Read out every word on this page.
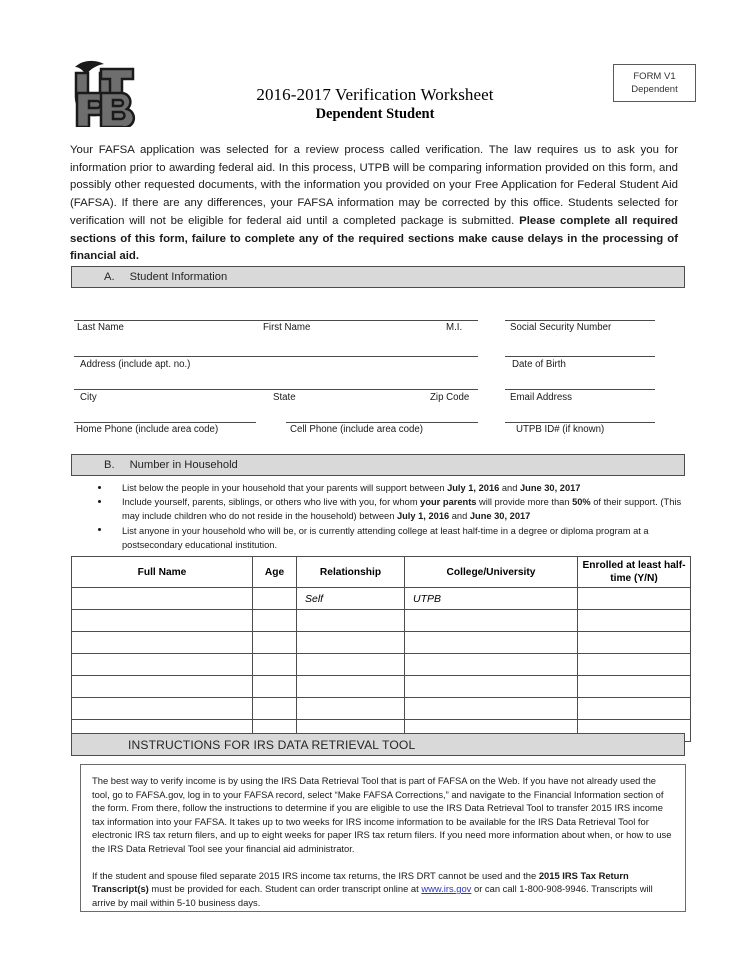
2016-2017 Verification Worksheet
Dependent Student
FORM V1
Dependent
Your FAFSA application was selected for a review process called verification. The law requires us to ask you for information prior to awarding federal aid. In this process, UTPB will be comparing information provided on this form, and possibly other requested documents, with the information you provided on your Free Application for Federal Student Aid (FAFSA). If there are any differences, your FAFSA information may be corrected by this office. Students selected for verification will not be eligible for federal aid until a completed package is submitted. Please complete all required sections of this form, failure to complete any of the required sections make cause delays in the processing of financial aid.
A. Student Information
Last Name	First Name	M.I.	Social Security Number
Address (include apt. no.)	Date of Birth
City	State	Zip Code	Email Address
Home Phone (include area code)	Cell Phone (include area code)	UTPB ID# (if known)
B. Number in Household
List below the people in your household that your parents will support between July 1, 2016 and June 30, 2017
Include yourself, parents, siblings, or others who live with you, for whom your parents will provide more than 50% of their support. (This may include children who do not reside in the household) between July 1, 2016 and June 30, 2017
List anyone in your household who will be, or is currently attending college at least half-time in a degree or diploma program at a postsecondary educational institution.
Full Name	Age	Relationship	College/University	Enrolled at least half-time (Y/N)
		Self	UTPB	

INSTRUCTIONS FOR IRS DATA RETRIEVAL TOOL

The best way to verify income is by using the IRS Data Retrieval Tool that is part of FAFSA on the Web. If you have not already used the tool, go to FAFSA.gov, log in to your FAFSA record, select “Make FAFSA Corrections,” and navigate to the Financial Information section of the form. From there, follow the instructions to determine if you are eligible to use the IRS Data Retrieval Tool to transfer 2015 IRS income tax information into your FAFSA. It takes up to two weeks for IRS income information to be available for the IRS Data Retrieval Tool for electronic IRS tax return filers, and up to eight weeks for paper IRS tax return filers. If you need more information about when, or how to use the IRS Data Retrieval Tool see your financial aid administrator.

If the student and spouse filed separate 2015 IRS income tax returns, the IRS DRT cannot be used and the 2015 IRS Tax Return Transcript(s) must be provided for each. Student can order transcript online at www.irs.gov or can call 1-800-908-9946. Transcripts will arrive by mail within 5-10 business days.
